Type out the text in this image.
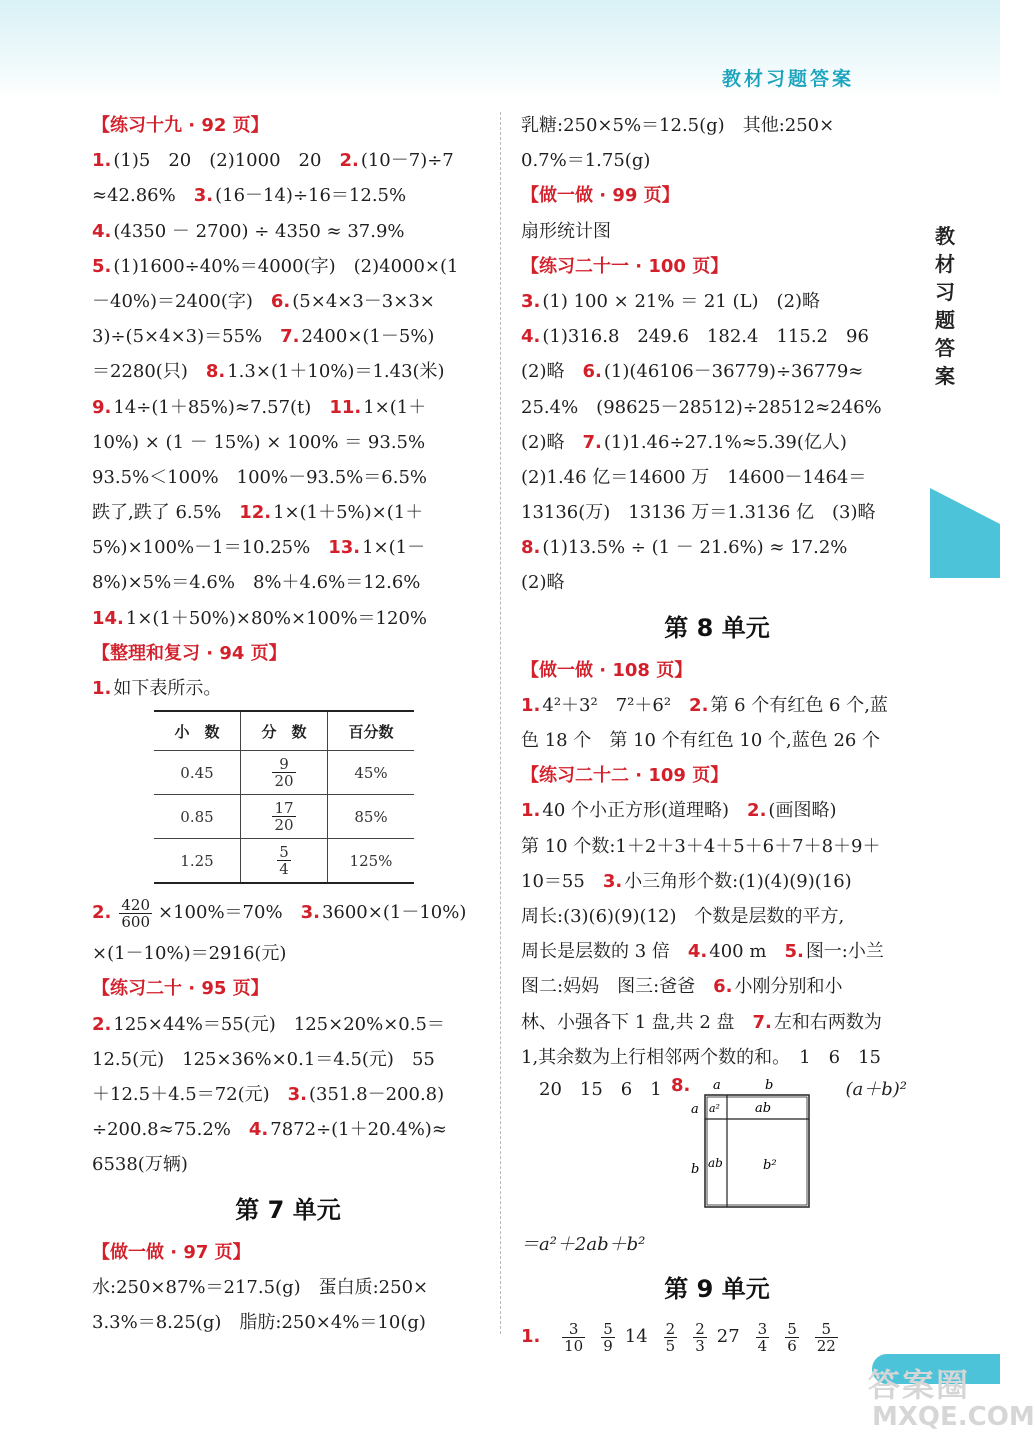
教材习题答案
教材习题答案
【练习十九 · 92 页】
1. (1)5　20　(2)1000　20　2. (10－7)÷7
≈42.86%　3. (16－14)÷16＝12.5%
4. (4350 － 2700) ÷ 4350 ≈ 37.9%
5. (1)1600÷40%＝4000(字)　(2)4000×(1
－40%)＝2400(字)　6. (5×4×3－3×3×
3)÷(5×4×3)＝55%　7. 2400×(1－5%)
＝2280(只)　8. 1.3×(1＋10%)＝1.43(米)
9. 14÷(1＋85%)≈7.57(t)　11. 1×(1＋
10%) × (1 － 15%) × 100% ＝ 93.5%
93.5%＜100%　100%－93.5%＝6.5%
跌了,跌了 6.5%　12. 1×(1＋5%)×(1＋
5%)×100%－1＝10.25%　13. 1×(1－
8%)×5%＝4.6%　8%＋4.6%＝12.6%
14. 1×(1＋50%)×80%×100%＝120%
【整理和复习 · 94 页】
1. 如下表所示。
小　数	分　数	百分数
0.45	$\frac{9}{20}$	45%
0.85	$\frac{17}{20}$	85%
1.25	$\frac{5}{4}$	125%
2. $\frac{420}{600} \times 100\%=70\%$　3. 3600×(1－10%)
×(1－10%)＝2916(元)
【练习二十 · 95 页】
2. 125×44%＝55(元)　125×20%×0.5＝
12.5(元)　125×36%×0.1＝4.5(元)　55
＋12.5＋4.5＝72(元)　3. (351.8－200.8)
÷200.8≈75.2%　4. 7872÷(1＋20.4%)≈
6538(万辆)
第 7 单元
【做一做 · 97 页】
水:250×87%＝217.5(g)　蛋白质:250×
3.3%＝8.25(g)　脂肪:250×4%＝10(g)
乳糖:250×5%＝12.5(g)　其他:250×
0.7%＝1.75(g)
【做一做 · 99 页】
扇形统计图
【练习二十一 · 100 页】
3. (1) 100 × 21% ＝ 21 (L)　(2)略
4. (1)316.8　249.6　182.4　115.2　96
(2)略　6. (1)(46106－36779)÷36779≈
25.4%　(98625－28512)÷28512≈246%
(2)略　7. (1)1.46÷27.1%≈5.39(亿人)
(2)1.46 亿＝14600 万　14600－1464＝
13136(万)　13136 万＝1.3136 亿　(3)略
8. (1)13.5% ÷ (1 － 21.6%) ≈ 17.2%
(2)略
第 8 单元
【做一做 · 108 页】
1. 4²＋3²　7²＋6²　2. 第 6 个有红色 6 个,蓝
色 18 个　第 10 个有红色 10 个,蓝色 26 个
【练习二十二 · 109 页】
1. 40 个小正方形(道理略)　2. (画图略)
第 10 个数:1＋2＋3＋4＋5＋6＋7＋8＋9＋
10＝55　3. 小三角形个数:(1)(4)(9)(16)
周长:(3)(6)(9)(12)　个数是层数的平方,
周长是层数的 3 倍　4. 400 m　5. 图一:小兰
图二:妈妈　图三:爸爸　6. 小刚分别和小
林、小强各下 1 盘,共 2 盘　7. 左和右两数为
1,其余数为上行相邻两个数的和。　1　6　15
20　15　6　1 8.	(a＋b)²
a	b
a
b
a²	ab
ab	b²
＝a²＋2ab＋b²
第 9 单元
1. $\frac{3}{10} \frac{5}{9} 14 \frac{2}{5} \frac{2}{3} 27 \frac{3}{4} \frac{5}{6} \frac{5}{22}$
答案圈
MXQE.COM
